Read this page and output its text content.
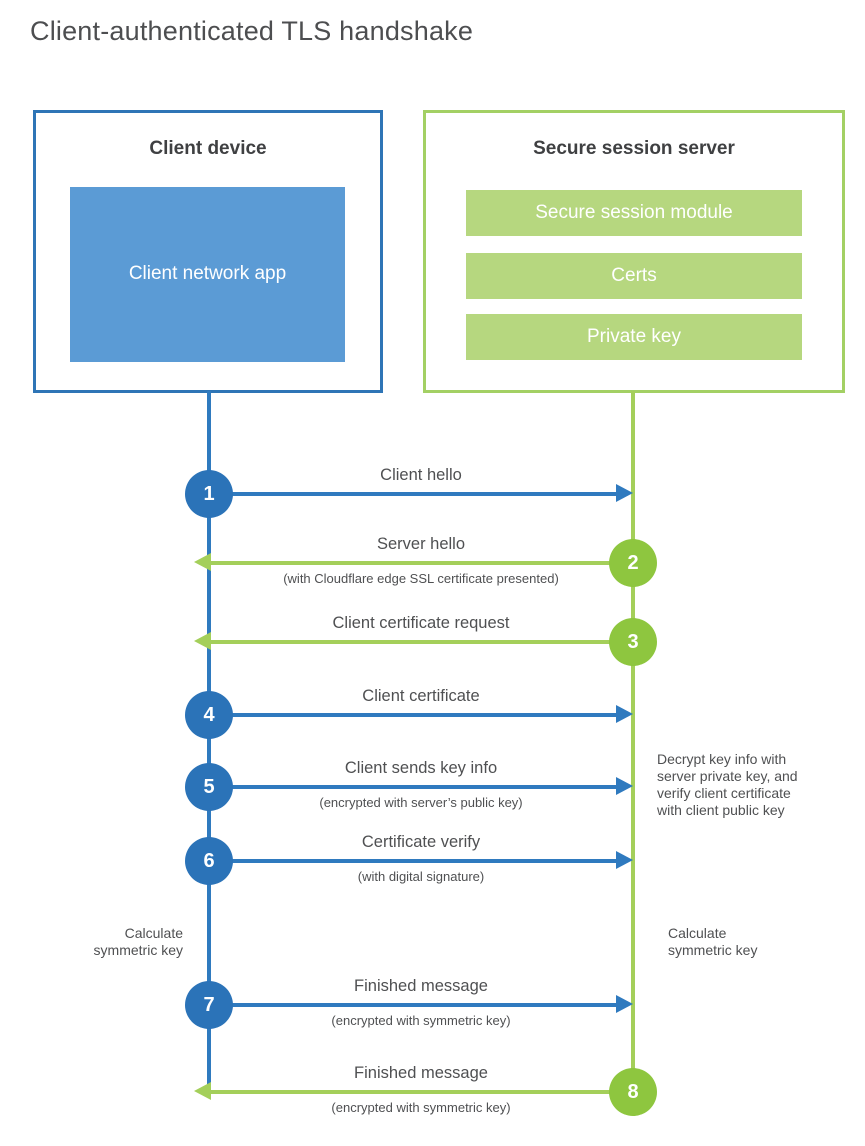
Client-authenticated TLS handshake
Client device
Client network app
Secure session server
Secure session module
Certs
Private key
1
Client hello
2
Server hello
(with Cloudflare edge SSL certificate presented)
3
Client certificate request
4
Client certificate
5
Client sends key info
(encrypted with server’s public key)
6
Certificate verify
(with digital signature)
7
Finished message
(encrypted with symmetric key)
8
Finished message
(encrypted with symmetric key)
Calculate
symmetric key
Calculate
symmetric key
Decrypt key info with
server private key, and
verify client certificate
with client public key
